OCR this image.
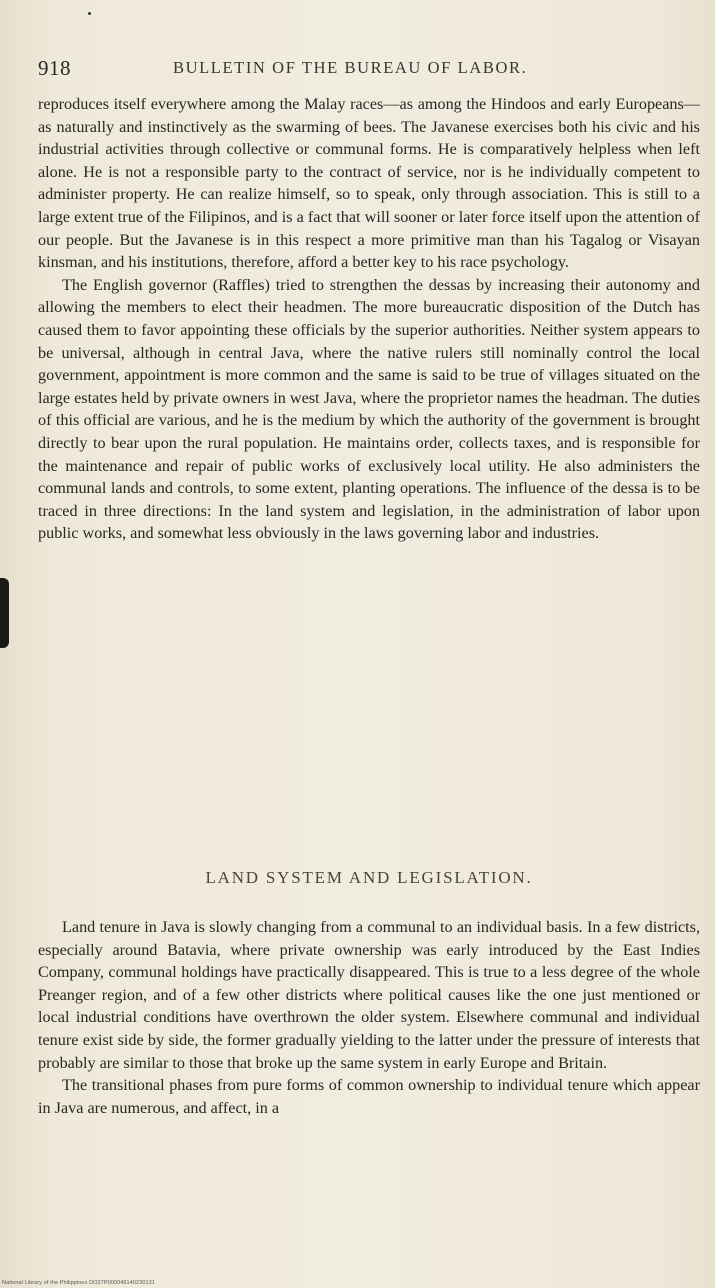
918	BULLETIN OF THE BUREAU OF LABOR.

reproduces itself everywhere among the Malay races—as among the Hindoos and early Europeans—as naturally and instinctively as the swarming of bees. The Javanese exercises both his civic and his industrial activities through collective or communal forms. He is comparatively helpless when left alone. He is not a responsible party to the contract of service, nor is he individually competent to administer property. He can realize himself, so to speak, only through association. This is still to a large extent true of the Filipinos, and is a fact that will sooner or later force itself upon the attention of our people. But the Javanese is in this respect a more primitive man than his Tagalog or Visayan kinsman, and his institutions, therefore, afford a better key to his race psychology.

The English governor (Raffles) tried to strengthen the dessas by increasing their autonomy and allowing the members to elect their headmen. The more bureaucratic disposition of the Dutch has caused them to favor appointing these officials by the superior authorities. Neither system appears to be universal, although in central Java, where the native rulers still nominally control the local government, appointment is more common and the same is said to be true of villages situated on the large estates held by private owners in west Java, where the proprietor names the headman. The duties of this official are various, and he is the medium by which the authority of the government is brought directly to bear upon the rural population. He maintains order, collects taxes, and is responsible for the maintenance and repair of public works of exclusively local utility. He also administers the communal lands and controls, to some extent, planting operations. The influence of the dessa is to be traced in three directions: In the land system and legislation, in the administration of labor upon public works, and somewhat less obviously in the laws governing labor and industries.

LAND SYSTEM AND LEGISLATION.

Land tenure in Java is slowly changing from a communal to an individual basis. In a few districts, especially around Batavia, where private ownership was early introduced by the East Indies Company, communal holdings have practically disappeared. This is true to a less degree of the whole Preanger region, and of a few other districts where political causes like the one just mentioned or local industrial conditions have overthrown the older system. Elsewhere communal and individual tenure exist side by side, the former gradually yielding to the latter under the pressure of interests that probably are similar to those that broke up the same system in early Europe and Britain.

The transitional phases from pure forms of common ownership to individual tenure which appear in Java are numerous, and affect, in a

National Library of the Philippines DO27P000045140230131
